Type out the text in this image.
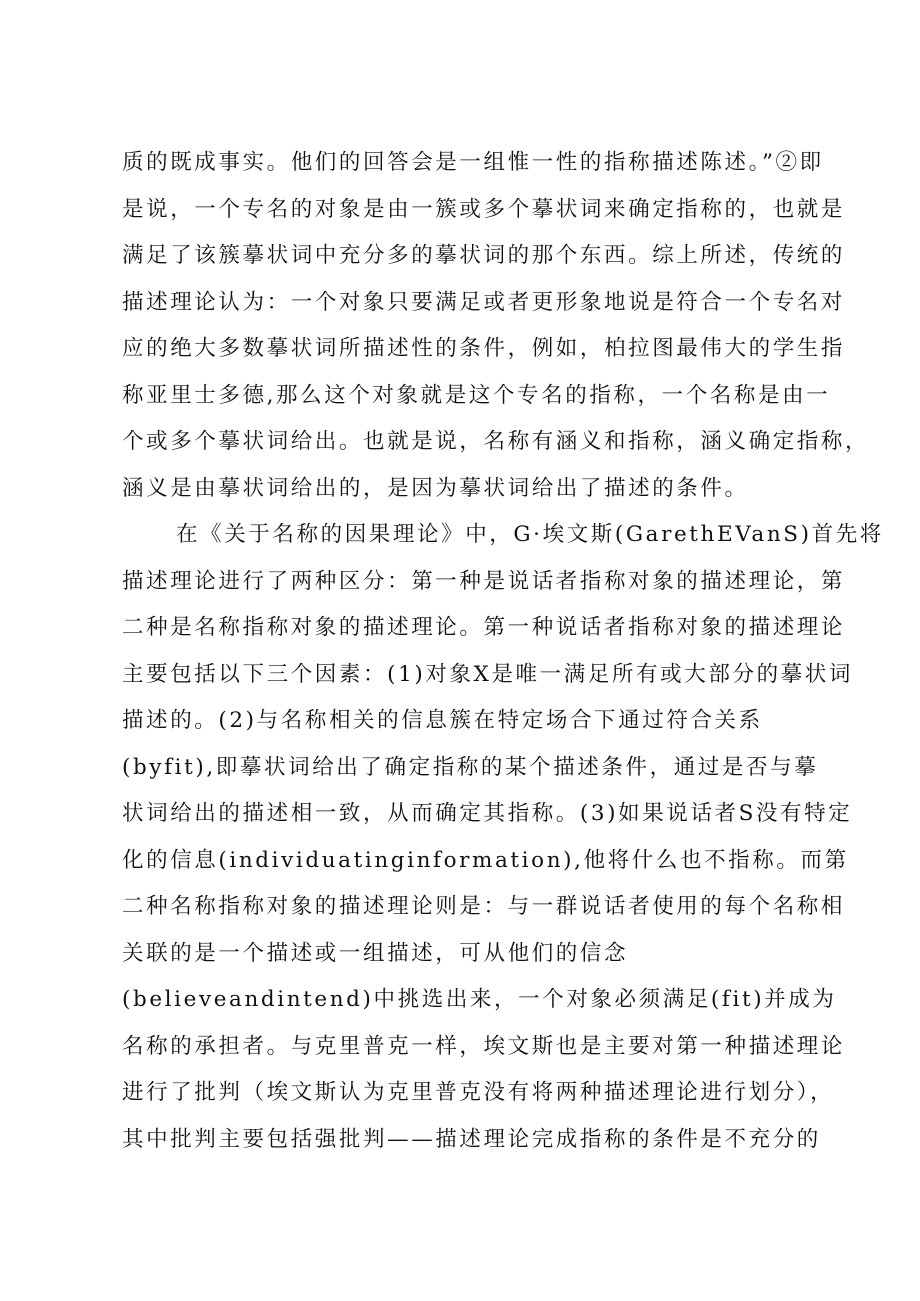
质的既成事实。他们的回答会是一组惟一性的指称描述陈述。”②即
是说，一个专名的对象是由一簇或多个摹状词来确定指称的，也就是
满足了该簇摹状词中充分多的摹状词的那个东西。综上所述，传统的
描述理论认为：一个对象只要满足或者更形象地说是符合一个专名对
应的绝大多数摹状词所描述性的条件，例如，柏拉图最伟大的学生指
称亚里士多德,那么这个对象就是这个专名的指称，一个名称是由一
个或多个摹状词给出。也就是说，名称有涵义和指称，涵义确定指称，
涵义是由摹状词给出的，是因为摹状词给出了描述的条件。
在《关于名称的因果理论》中，G·埃文斯(GarethEVanS)首先将
描述理论进行了两种区分：第一种是说话者指称对象的描述理论，第
二种是名称指称对象的描述理论。第一种说话者指称对象的描述理论
主要包括以下三个因素：(1)对象X是唯一满足所有或大部分的摹状词
描述的。(2)与名称相关的信息簇在特定场合下通过符合关系
(byfit),即摹状词给出了确定指称的某个描述条件，通过是否与摹
状词给出的描述相一致，从而确定其指称。(3)如果说话者S没有特定
化的信息(individuatinginformation),他将什么也不指称。而第
二种名称指称对象的描述理论则是：与一群说话者使用的每个名称相
关联的是一个描述或一组描述，可从他们的信念
(believeandintend)中挑选出来，一个对象必须满足(fit)并成为
名称的承担者。与克里普克一样，埃文斯也是主要对第一种描述理论
进行了批判（埃文斯认为克里普克没有将两种描述理论进行划分），
其中批判主要包括强批判——描述理论完成指称的条件是不充分的
